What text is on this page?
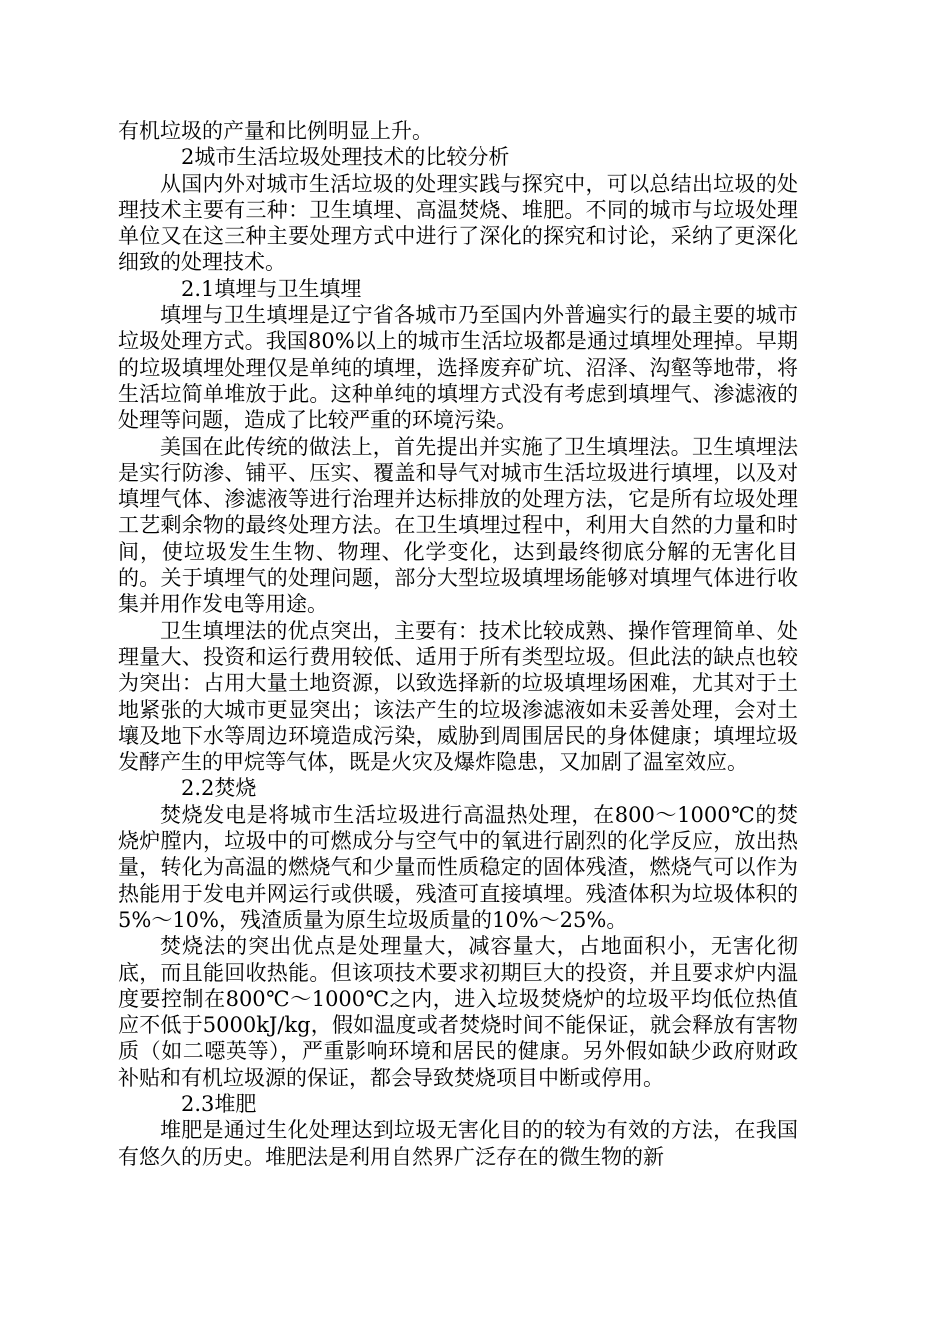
有机垃圾的产量和比例明显上升。

2城市生活垃圾处理技术的比较分析

从国内外对城市生活垃圾的处理实践与探究中，可以总结出垃圾的处理技术主要有三种：卫生填埋、高温焚烧、堆肥。不同的城市与垃圾处理单位又在这三种主要处理方式中进行了深化的探究和讨论，采纳了更深化细致的处理技术。

2.1填埋与卫生填埋

填埋与卫生填埋是辽宁省各城市乃至国内外普遍实行的最主要的城市垃圾处理方式。我国80%以上的城市生活垃圾都是通过填埋处理掉。早期的垃圾填埋处理仅是单纯的填埋，选择废弃矿坑、沼泽、沟壑等地带，将生活垃简单堆放于此。这种单纯的填埋方式没有考虑到填埋气、渗滤液的处理等问题，造成了比较严重的环境污染。

美国在此传统的做法上，首先提出并实施了卫生填埋法。卫生填埋法是实行防渗、铺平、压实、覆盖和导气对城市生活垃圾进行填埋，以及对填埋气体、渗滤液等进行治理并达标排放的处理方法，它是所有垃圾处理工艺剩余物的最终处理方法。在卫生填埋过程中，利用大自然的力量和时间，使垃圾发生生物、物理、化学变化，达到最终彻底分解的无害化目的。关于填埋气的处理问题，部分大型垃圾填埋场能够对填埋气体进行收集并用作发电等用途。

卫生填埋法的优点突出，主要有：技术比较成熟、操作管理简单、处理量大、投资和运行费用较低、适用于所有类型垃圾。但此法的缺点也较为突出：占用大量土地资源，以致选择新的垃圾填埋场困难，尤其对于土地紧张的大城市更显突出；该法产生的垃圾渗滤液如未妥善处理，会对土壤及地下水等周边环境造成污染，威胁到周围居民的身体健康；填埋垃圾发酵产生的甲烷等气体，既是火灾及爆炸隐患，又加剧了温室效应。

2.2焚烧

焚烧发电是将城市生活垃圾进行高温热处理，在800～1000℃的焚烧炉膛内，垃圾中的可燃成分与空气中的氧进行剧烈的化学反应，放出热量，转化为高温的燃烧气和少量而性质稳定的固体残渣，燃烧气可以作为热能用于发电并网运行或供暖，残渣可直接填埋。残渣体积为垃圾体积的5%～10%，残渣质量为原生垃圾质量的10%～25%。

焚烧法的突出优点是处理量大，减容量大，占地面积小，无害化彻底，而且能回收热能。但该项技术要求初期巨大的投资，并且要求炉内温度要控制在800℃～1000℃之内，进入垃圾焚烧炉的垃圾平均低位热值应不低于5000kJ/kg，假如温度或者焚烧时间不能保证，就会释放有害物质（如二噁英等），严重影响环境和居民的健康。另外假如缺少政府财政补贴和有机垃圾源的保证，都会导致焚烧项目中断或停用。

2.3堆肥

堆肥是通过生化处理达到垃圾无害化目的的较为有效的方法，在我国有悠久的历史。堆肥法是利用自然界广泛存在的微生物的新
